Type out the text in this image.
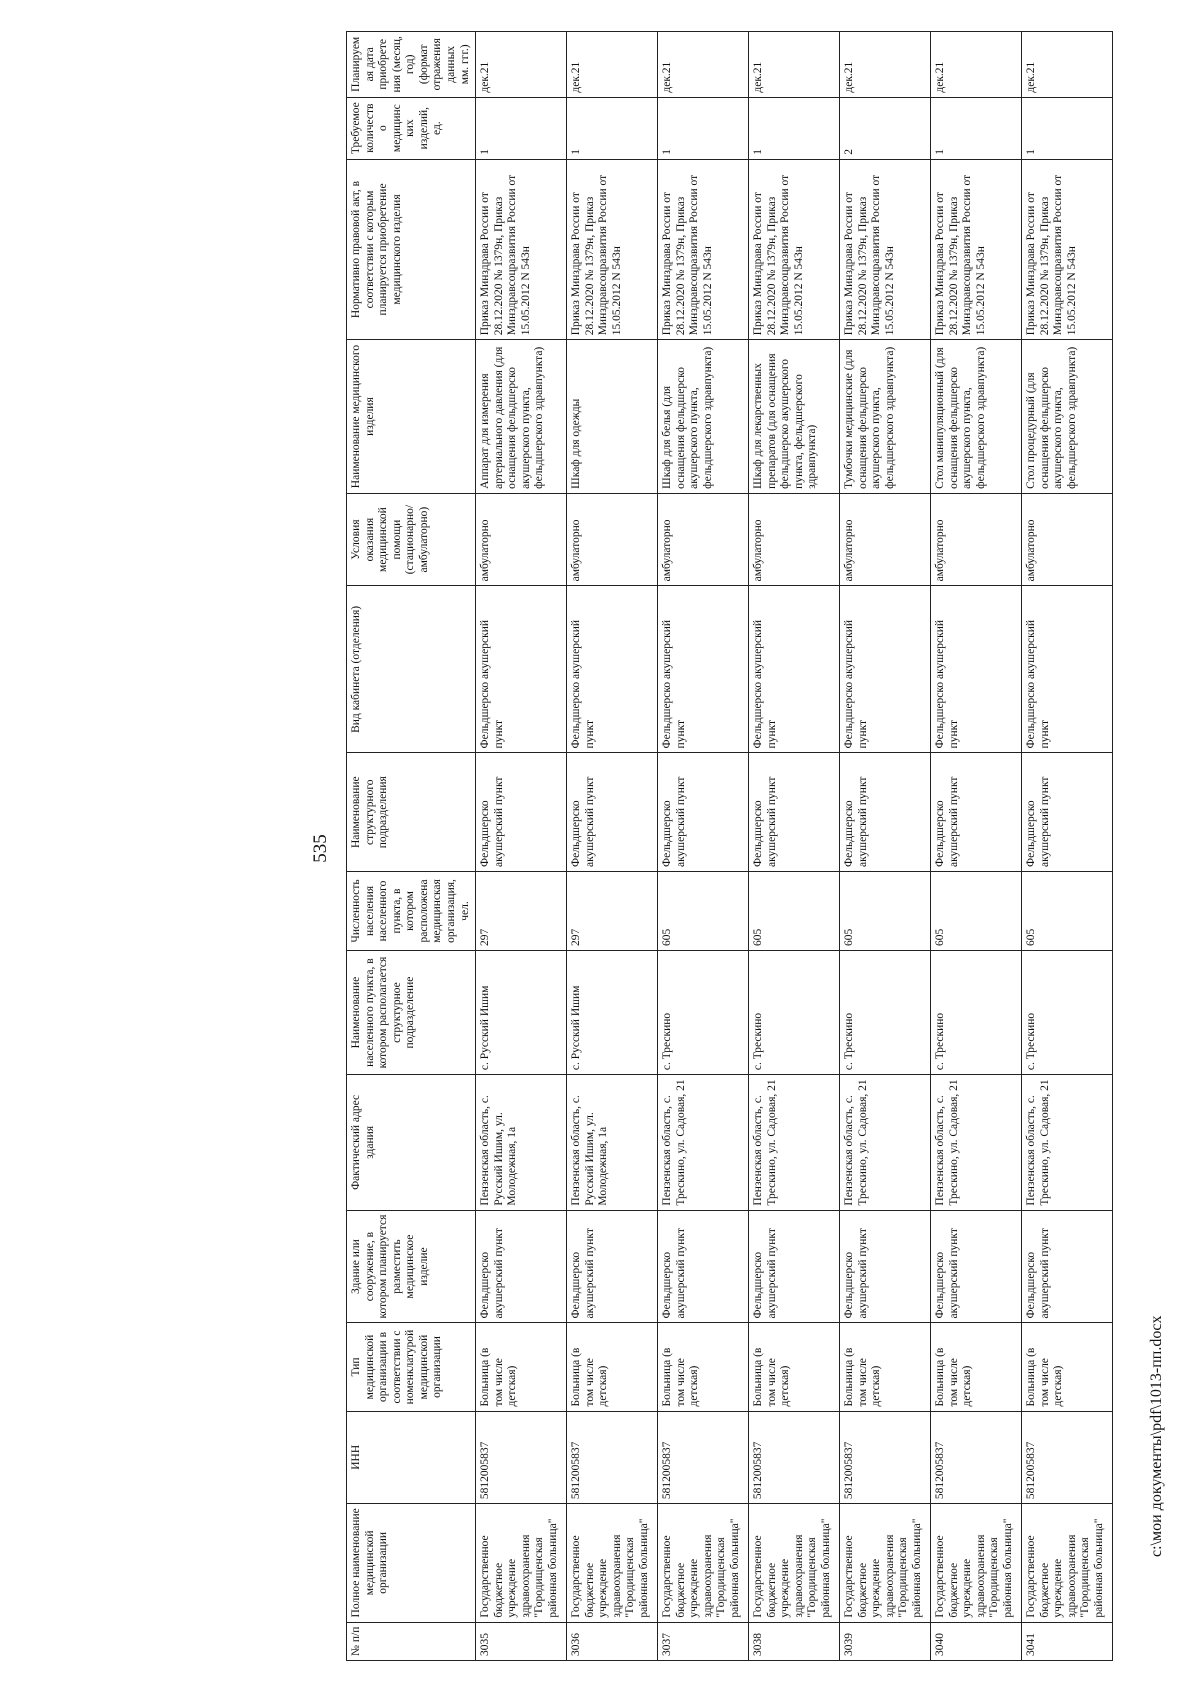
535
№ п/п	Полное наименование медицинской организации	ИНН	Тип медицинской организации в соответствии с номенклатурой медицинской организации	Здание или сооружение, в котором планируется разместить медицинское изделие	Фактический адрес здания	Наименование населенного пункта, в котором располагается структурное подразделение	Численность населения населенного пункта, в котором расположена медицинская организация, чел.	Наименование структурного подразделения	Вид кабинета (отделения)	Условия оказания медицинской помощи (стационарно/ амбулаторно)	Наименование медицинского изделия	Нормативно правовой акт, в соответствии с которым планируется приобретение медицинского изделия	Требуемое количество медицинских изделий, ед.	Планируемая дата приобретения (месяц, год) (формат отражения данных мм. ггг.)
3035	Государственное бюджетное учреждение здравоохранения "Городищенская районная больница"	5812005837	Больница (в том числе детская)	Фельдшерско акушерский пункт	Пензенская область, с. Русский Ишим, ул. Молодежная, 1а	с. Русский Ишим	297	Фельдшерско акушерский пункт	Фельдшерско акушерский пункт	амбулаторно	Аппарат для измерения артериального давления (для оснащения фельдшерско акушерского пункта, фельдшерского здравпункта)	Приказ Минздрава России от 28.12.2020 № 1379н, Приказ Минздравсоцразвития России от 15.05.2012 N 543н	1	дек.21
3036	Государственное бюджетное учреждение здравоохранения "Городищенская районная больница"	5812005837	Больница (в том числе детская)	Фельдшерско акушерский пункт	Пензенская область, с. Русский Ишим, ул. Молодежная, 1а	с. Русский Ишим	297	Фельдшерско акушерский пункт	Фельдшерско акушерский пункт	амбулаторно	Шкаф для одежды	Приказ Минздрава России от 28.12.2020 № 1379н, Приказ Минздравсоцразвития России от 15.05.2012 N 543н	1	дек.21
3037	Государственное бюджетное учреждение здравоохранения "Городищенская районная больница"	5812005837	Больница (в том числе детская)	Фельдшерско акушерский пункт	Пензенская область, с. Трескино, ул. Садовая, 21	с. Трескино	605	Фельдшерско акушерский пункт	Фельдшерско акушерский пункт	амбулаторно	Шкаф для белья (для оснащения фельдшерско акушерского пункта, фельдшерского здравпункта)	Приказ Минздрава России от 28.12.2020 № 1379н, Приказ Минздравсоцразвития России от 15.05.2012 N 543н	1	дек.21
3038	Государственное бюджетное учреждение здравоохранения "Городищенская районная больница"	5812005837	Больница (в том числе детская)	Фельдшерско акушерский пункт	Пензенская область, с. Трескино, ул. Садовая, 21	с. Трескино	605	Фельдшерско акушерский пункт	Фельдшерско акушерский пункт	амбулаторно	Шкаф для лекарственных препаратов (для оснащения фельдшерско акушерского пункта, фельдшерского здравпункта)	Приказ Минздрава России от 28.12.2020 № 1379н, Приказ Минздравсоцразвития России от 15.05.2012 N 543н	1	дек.21
3039	Государственное бюджетное учреждение здравоохранения "Городищенская районная больница"	5812005837	Больница (в том числе детская)	Фельдшерско акушерский пункт	Пензенская область, с. Трескино, ул. Садовая, 21	с. Трескино	605	Фельдшерско акушерский пункт	Фельдшерско акушерский пункт	амбулаторно	Тумбочки медицинские (для оснащения фельдшерско акушерского пункта, фельдшерского здравпункта)	Приказ Минздрава России от 28.12.2020 № 1379н, Приказ Минздравсоцразвития России от 15.05.2012 N 543н	2	дек.21
3040	Государственное бюджетное учреждение здравоохранения "Городищенская районная больница"	5812005837	Больница (в том числе детская)	Фельдшерско акушерский пункт	Пензенская область, с. Трескино, ул. Садовая, 21	с. Трескино	605	Фельдшерско акушерский пункт	Фельдшерско акушерский пункт	амбулаторно	Стол манипуляционный (для оснащения фельдшерско акушерского пункта, фельдшерского здравпункта)	Приказ Минздрава России от 28.12.2020 № 1379н, Приказ Минздравсоцразвития России от 15.05.2012 N 543н	1	дек.21
3041	Государственное бюджетное учреждение здравоохранения "Городищенская районная больница"	5812005837	Больница (в том числе детская)	Фельдшерско акушерский пункт	Пензенская область, с. Трескино, ул. Садовая, 21	с. Трескино	605	Фельдшерско акушерский пункт	Фельдшерско акушерский пункт	амбулаторно	Стол процедурный (для оснащения фельдшерско акушерского пункта, фельдшерского здравпункта)	Приказ Минздрава России от 28.12.2020 № 1379н, Приказ Минздравсоцразвития России от 15.05.2012 N 543н	1	дек.21
c:\мои документы\pdf\1013-пп.docx
